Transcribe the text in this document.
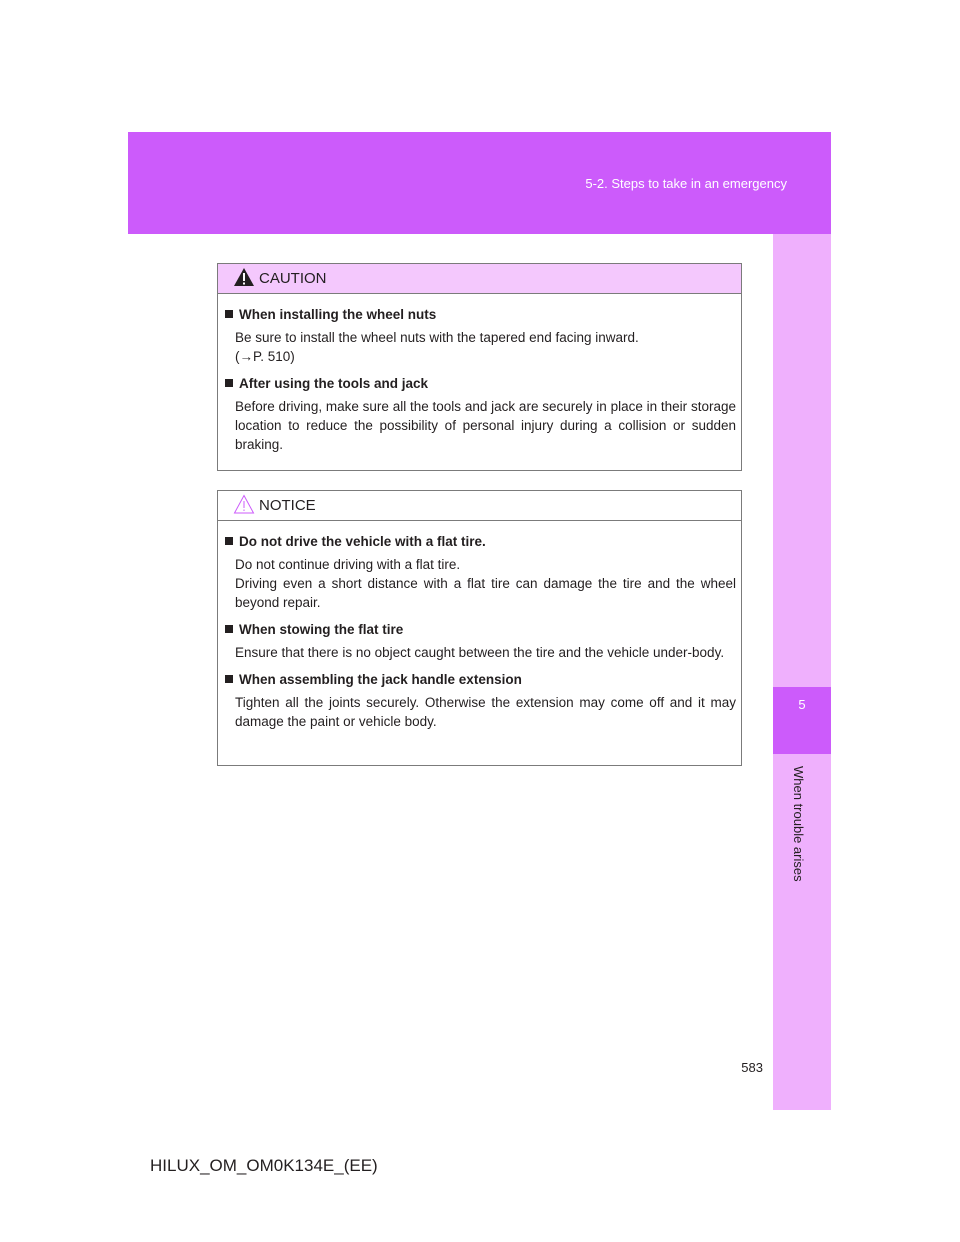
5-2. Steps to take in an emergency
5
When trouble arises
CAUTION
When installing the wheel nuts

Be sure to install the wheel nuts with the tapered end facing inward.

(→P. 510)

After using the tools and jack

Before driving, make sure all the tools and jack are securely in place in their storage location to reduce the possibility of personal injury during a collision or sudden braking.

NOTICE
Do not drive the vehicle with a flat tire.

Do not continue driving with a flat tire.

Driving even a short distance with a flat tire can damage the tire and the wheel beyond repair.

When stowing the flat tire

Ensure that there is no object caught between the tire and the vehicle under-body.

When assembling the jack handle extension

Tighten all the joints securely. Otherwise the extension may come off and it may damage the paint or vehicle body.

583
HILUX_OM_OM0K134E_(EE)
